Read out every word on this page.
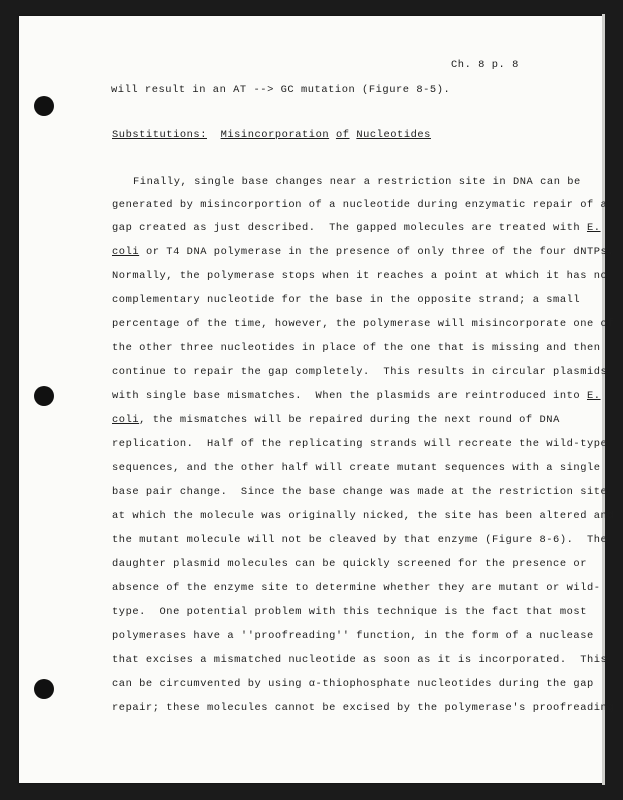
Ch. 8 p. 8
will result in an AT --> GC mutation (Figure 8-5).
Substitutions: Misincorporation of Nucleotides
Finally, single base changes near a restriction site in DNA can be
generated by misincorportion of a nucleotide during enzymatic repair of a
gap created as just described.  The gapped molecules are treated with E.
coli or T4 DNA polymerase in the presence of only three of the four dNTPs.
Normally, the polymerase stops when it reaches a point at which it has no
complementary nucleotide for the base in the opposite strand; a small
percentage of the time, however, the polymerase will misincorporate one of
the other three nucleotides in place of the one that is missing and then
continue to repair the gap completely.  This results in circular plasmids
with single base mismatches.  When the plasmids are reintroduced into E.
coli, the mismatches will be repaired during the next round of DNA
replication.  Half of the replicating strands will recreate the wild-type
sequences, and the other half will create mutant sequences with a single
base pair change.  Since the base change was made at the restriction site
at which the molecule was originally nicked, the site has been altered and
the mutant molecule will not be cleaved by that enzyme (Figure 8-6).  The
daughter plasmid molecules can be quickly screened for the presence or
absence of the enzyme site to determine whether they are mutant or wild-
type.  One potential problem with this technique is the fact that most
polymerases have a ''proofreading'' function, in the form of a nuclease
that excises a mismatched nucleotide as soon as it is incorporated.  This
can be circumvented by using α-thiophosphate nucleotides during the gap
repair; these molecules cannot be excised by the polymerase's proofreading
